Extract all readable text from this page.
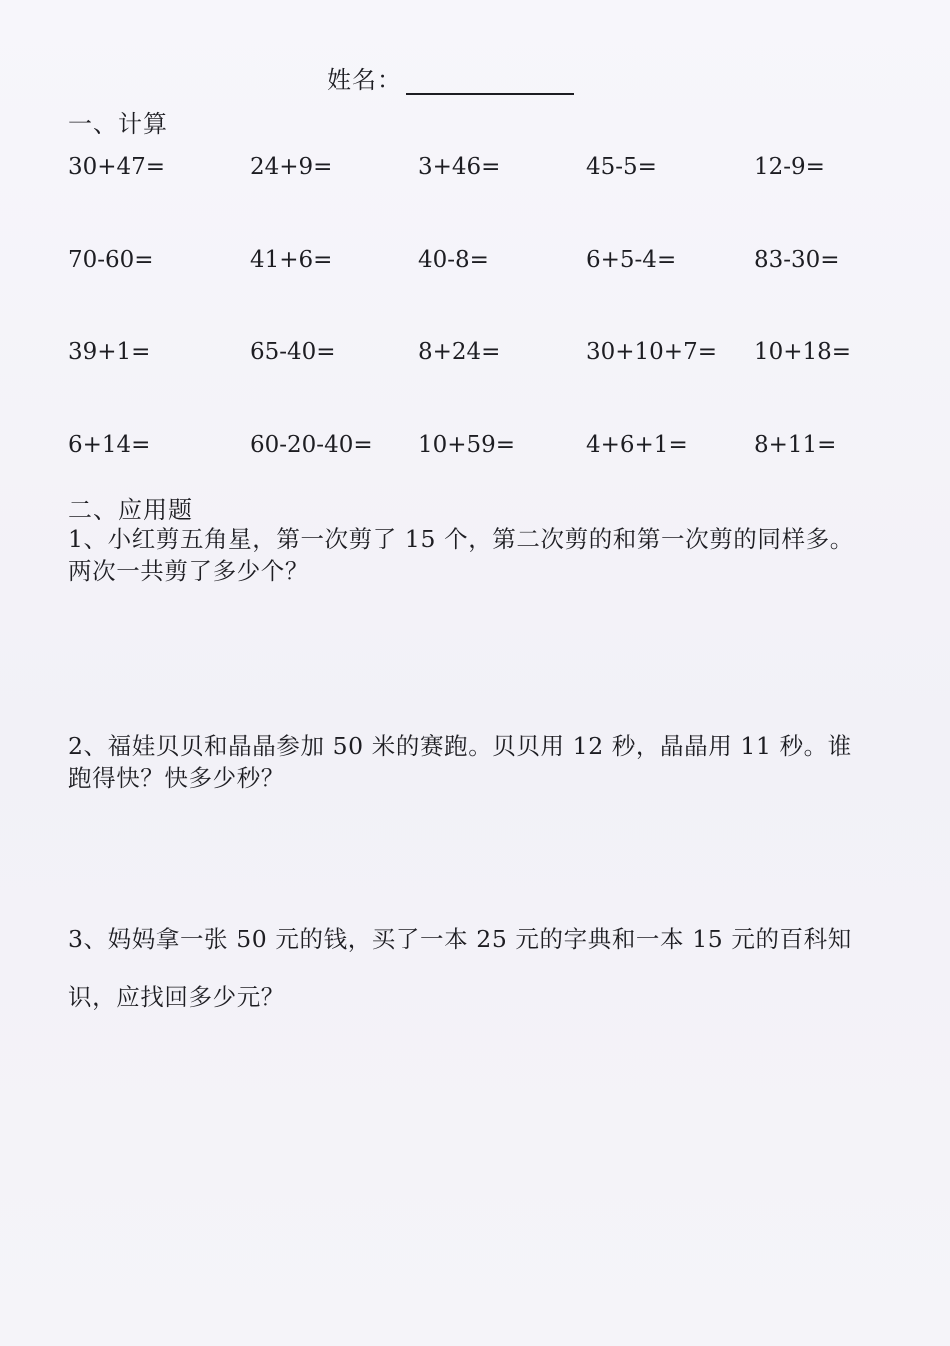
姓名：
一、计算
30+47=	24+9=	3+46=	45-5=	12-9=
70-60=	41+6=	40-8=	6+5-4=	83-30=
39+1=	65-40=	8+24=	30+10+7= 10+18=
6+14=	60-20-40= 10+59=	4+6+1=	8+11=
二、应用题
1、小红剪五角星，第一次剪了 15 个，第二次剪的和第一次剪的同样多。
两次一共剪了多少个？
2、福娃贝贝和晶晶参加 50 米的赛跑。贝贝用 12 秒，晶晶用 11 秒。谁
跑得快？快多少秒？
3、妈妈拿一张 50 元的钱，买了一本 25 元的字典和一本 15 元的百科知
识，应找回多少元？
